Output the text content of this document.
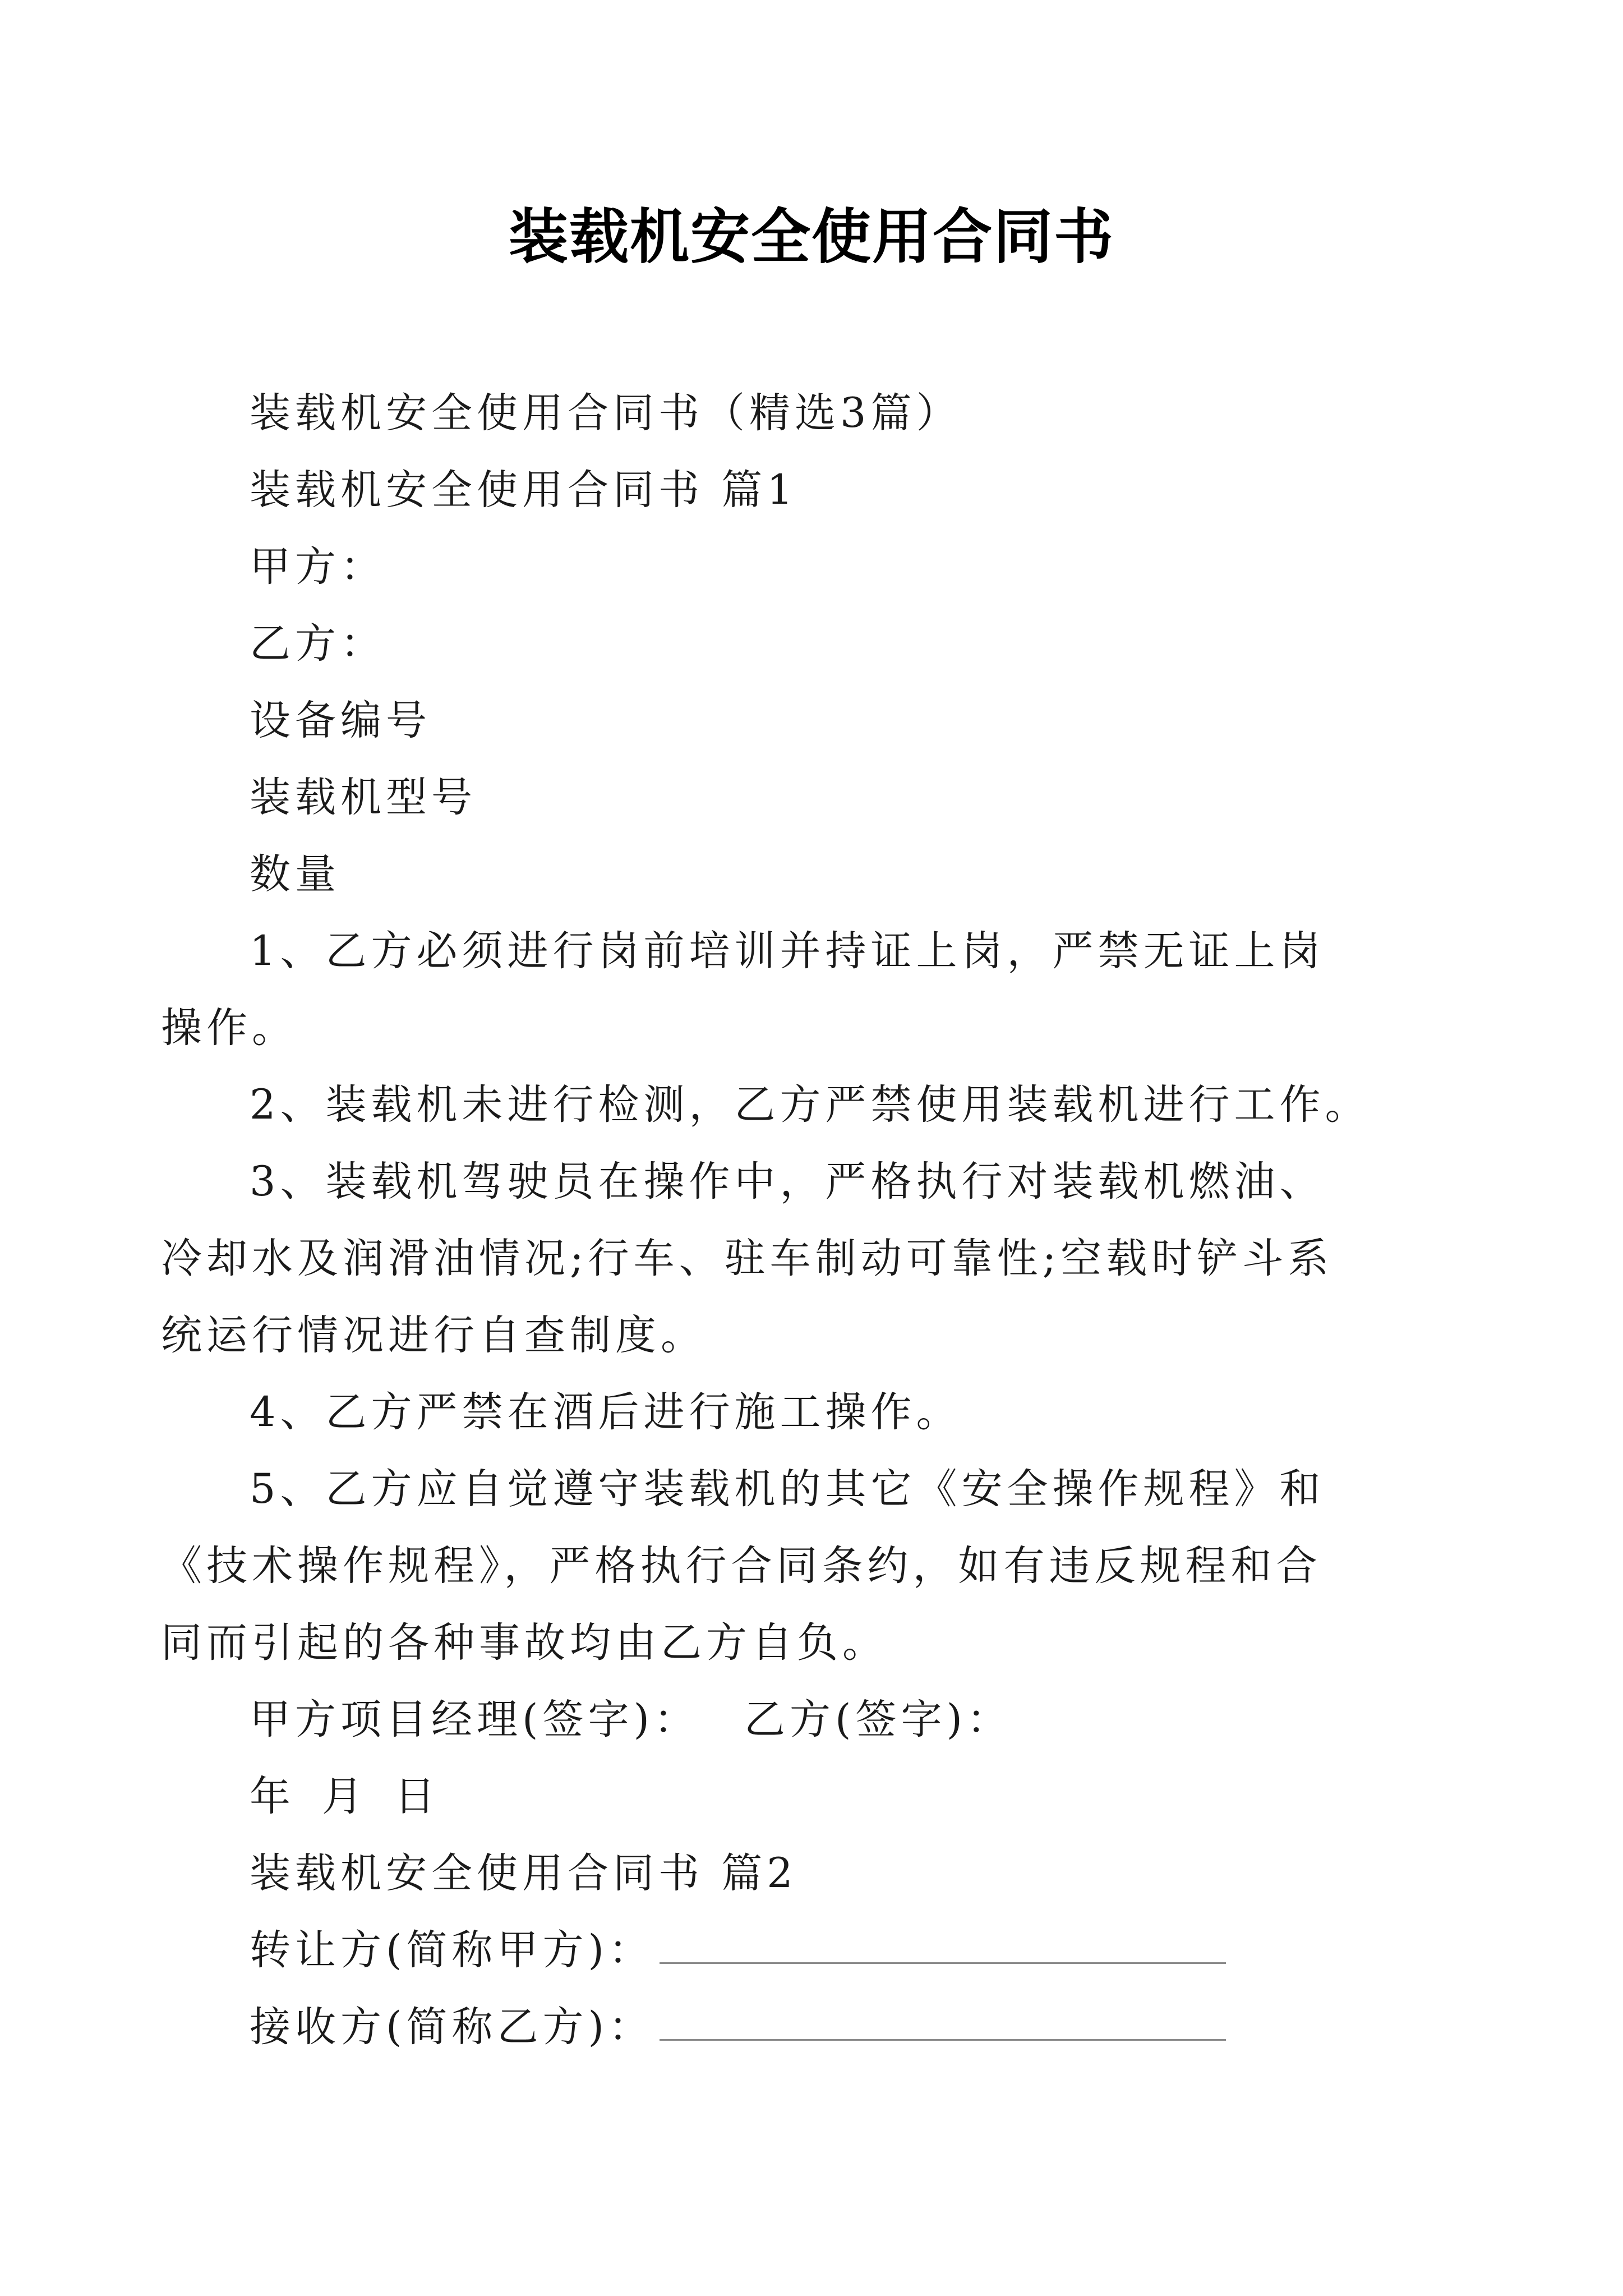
装载机安全使用合同书

装载机安全使用合同书（精选3篇）

装载机安全使用合同书 篇1

甲方：

乙方：

设备编号

装载机型号

数量

1、乙方必须进行岗前培训并持证上岗，严禁无证上岗

操作。

2、装载机未进行检测，乙方严禁使用装载机进行工作。

3、装载机驾驶员在操作中，严格执行对装载机燃油、

冷却水及润滑油情况;行车、驻车制动可靠性;空载时铲斗系

统运行情况进行自查制度。

4、乙方严禁在酒后进行施工操作。

5、乙方应自觉遵守装载机的其它《安全操作规程》和

《技术操作规程》，严格执行合同条约，如有违反规程和合

同而引起的各种事故均由乙方自负。

甲方项目经理(签字)： 乙方(签字)：

年 月 日

装载机安全使用合同书 篇2

转让方(简称甲方)：

接收方(简称乙方)：
